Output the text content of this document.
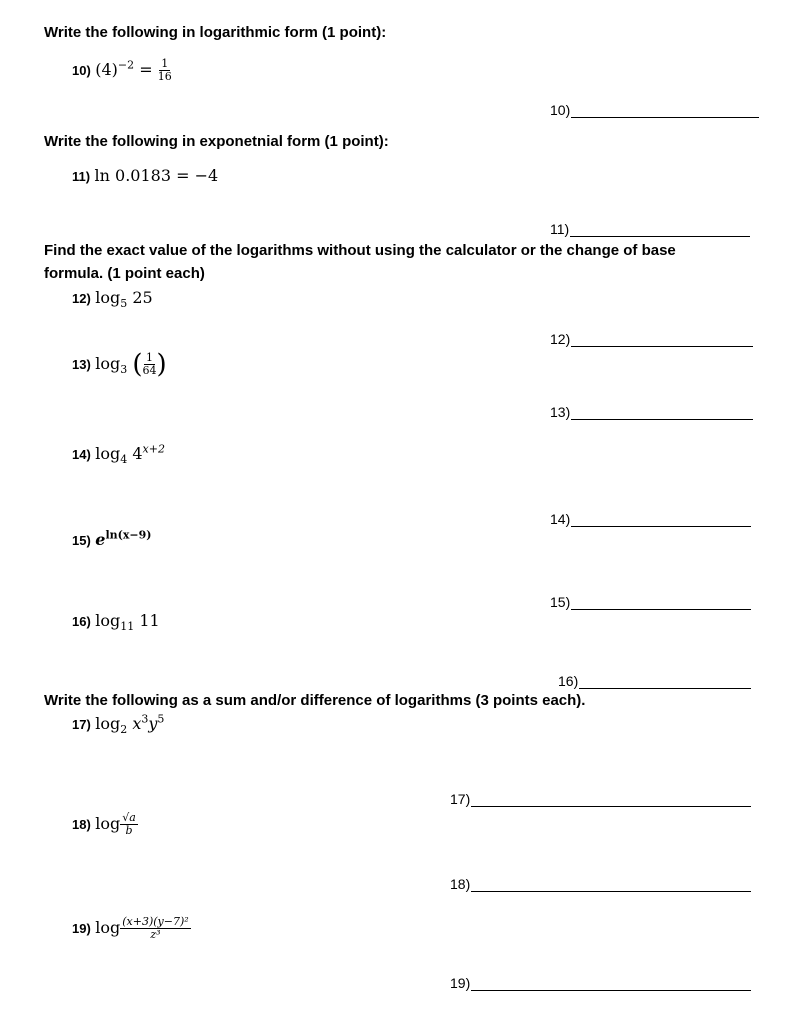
Write the following in logarithmic form (1 point):
10) $(4)^{-2} = \frac{1}{16}$
10)
Write the following in exponetnial form (1 point):
11) ln 0.0183 = −4
11)
Find the exact value of the logarithms without using the calculator or the change of base
formula. (1 point each)
12) $\log_5 25$
12)
13) $\log_3$ ( $\frac{1}{64}$ )
13)
14) $\log_4 4^{x+2}$
14)
15) $e^{ln(x-9)}$
15)
16) $\log_{11} 11$
16)
Write the following as a sum and/or difference of logarithms (3 points each).
17) $\log_2 x^3y^5$
17)
18) $\log \frac{√a}{b}$
18)
19) $\log \frac{\text{(x+3)(y−7)²}}{\text{z³}}$
19)
